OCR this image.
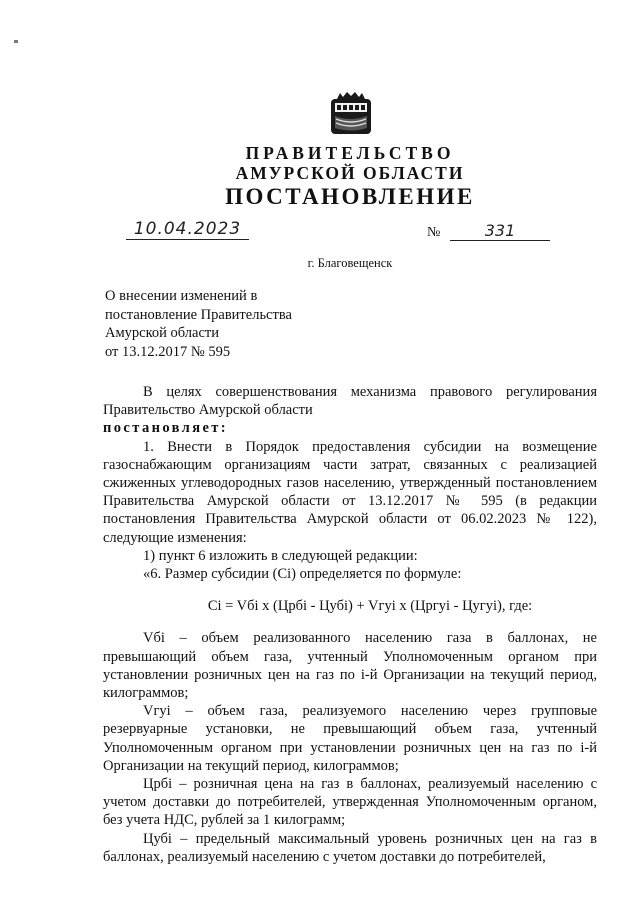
ПРАВИТЕЛЬСТВО
АМУРСКОЙ ОБЛАСТИ
ПОСТАНОВЛЕНИЕ
10.04.2023	№	331
г. Благовещенск
О внесении изменений в
постановление Правительства
Амурской области
от 13.12.2017 № 595

В целях совершенствования механизма правового регулирования Правительство Амурской области

постановляет:

1. Внести в Порядок предоставления субсидии на возмещение газоснабжающим организациям части затрат, связанных с реализацией сжиженных углеводородных газов населению, утвержденный постановлением Правительства Амурской области от 13.12.2017 № 595 (в редакции постановления Правительства Амурской области от 06.02.2023 № 122), следующие изменения:

1) пункт 6 изложить в следующей редакции:

«6. Размер субсидии (Сi) определяется по формуле:

Сi = Vбi x (Црбi - Цубi) + Vгуi x (Цргуi - Цугуi), где:

Vбi – объем реализованного населению газа в баллонах, не превышающий объем газа, учтенный Уполномоченным органом при установлении розничных цен на газ по i-й Организации на текущий период, килограммов;

Vгуi – объем газа, реализуемого населению через групповые резервуарные установки, не превышающий объем газа, учтенный Уполномоченным органом при установлении розничных цен на газ по i-й Организации на текущий период, килограммов;

Црбi – розничная цена на газ в баллонах, реализуемый населению с учетом доставки до потребителей, утвержденная Уполномоченным органом, без учета НДС, рублей за 1 килограмм;

Цубi – предельный максимальный уровень розничных цен на газ в баллонах, реализуемый населению с учетом доставки до потребителей,
